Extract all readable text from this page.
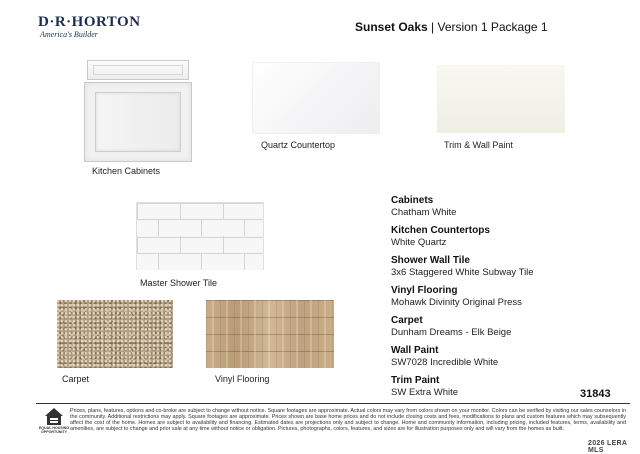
D·R·HORTON
America's Builder
Sunset Oaks | Version 1 Package 1
Kitchen Cabinets
Quartz Countertop	Trim & Wall Paint
Master Shower Tile
Carpet	Vinyl Flooring
Cabinets
Chatham White
Kitchen Countertops
White Quartz
Shower Wall Tile
3x6 Staggered White Subway Tile
Vinyl Flooring
Mohawk Divinity Original Press
Carpet
Dunham Dreams - Elk Beige
Wall Paint
SW7028 Incredible White
Trim Paint
SW Extra White	31843
EQUAL HOUSING OPPORTUNITY
Prices, plans, features, options and co-broke are subject to change without notice. Square footages are approximate. Actual colors may vary from colors shown on your monitor. Colors can be verified by visiting our sales counselors in the community. Additional restrictions may apply. Square footages are approximate. Prices shown are base home prices and do not include closing costs and fees, modifications to plans and custom features which may subsequently affect the cost of the home. Homes are subject to availability and financing. Estimated dates are projections only and subject to change. Home and community information, including pricing, included features, terms, availability and amenities, are subject to change and prior sale at any time without notice or obligation. Pictures, photographs, colors, features, and sizes are for illustration purposes only and will vary from the homes as built.
2026 LERA MLS
